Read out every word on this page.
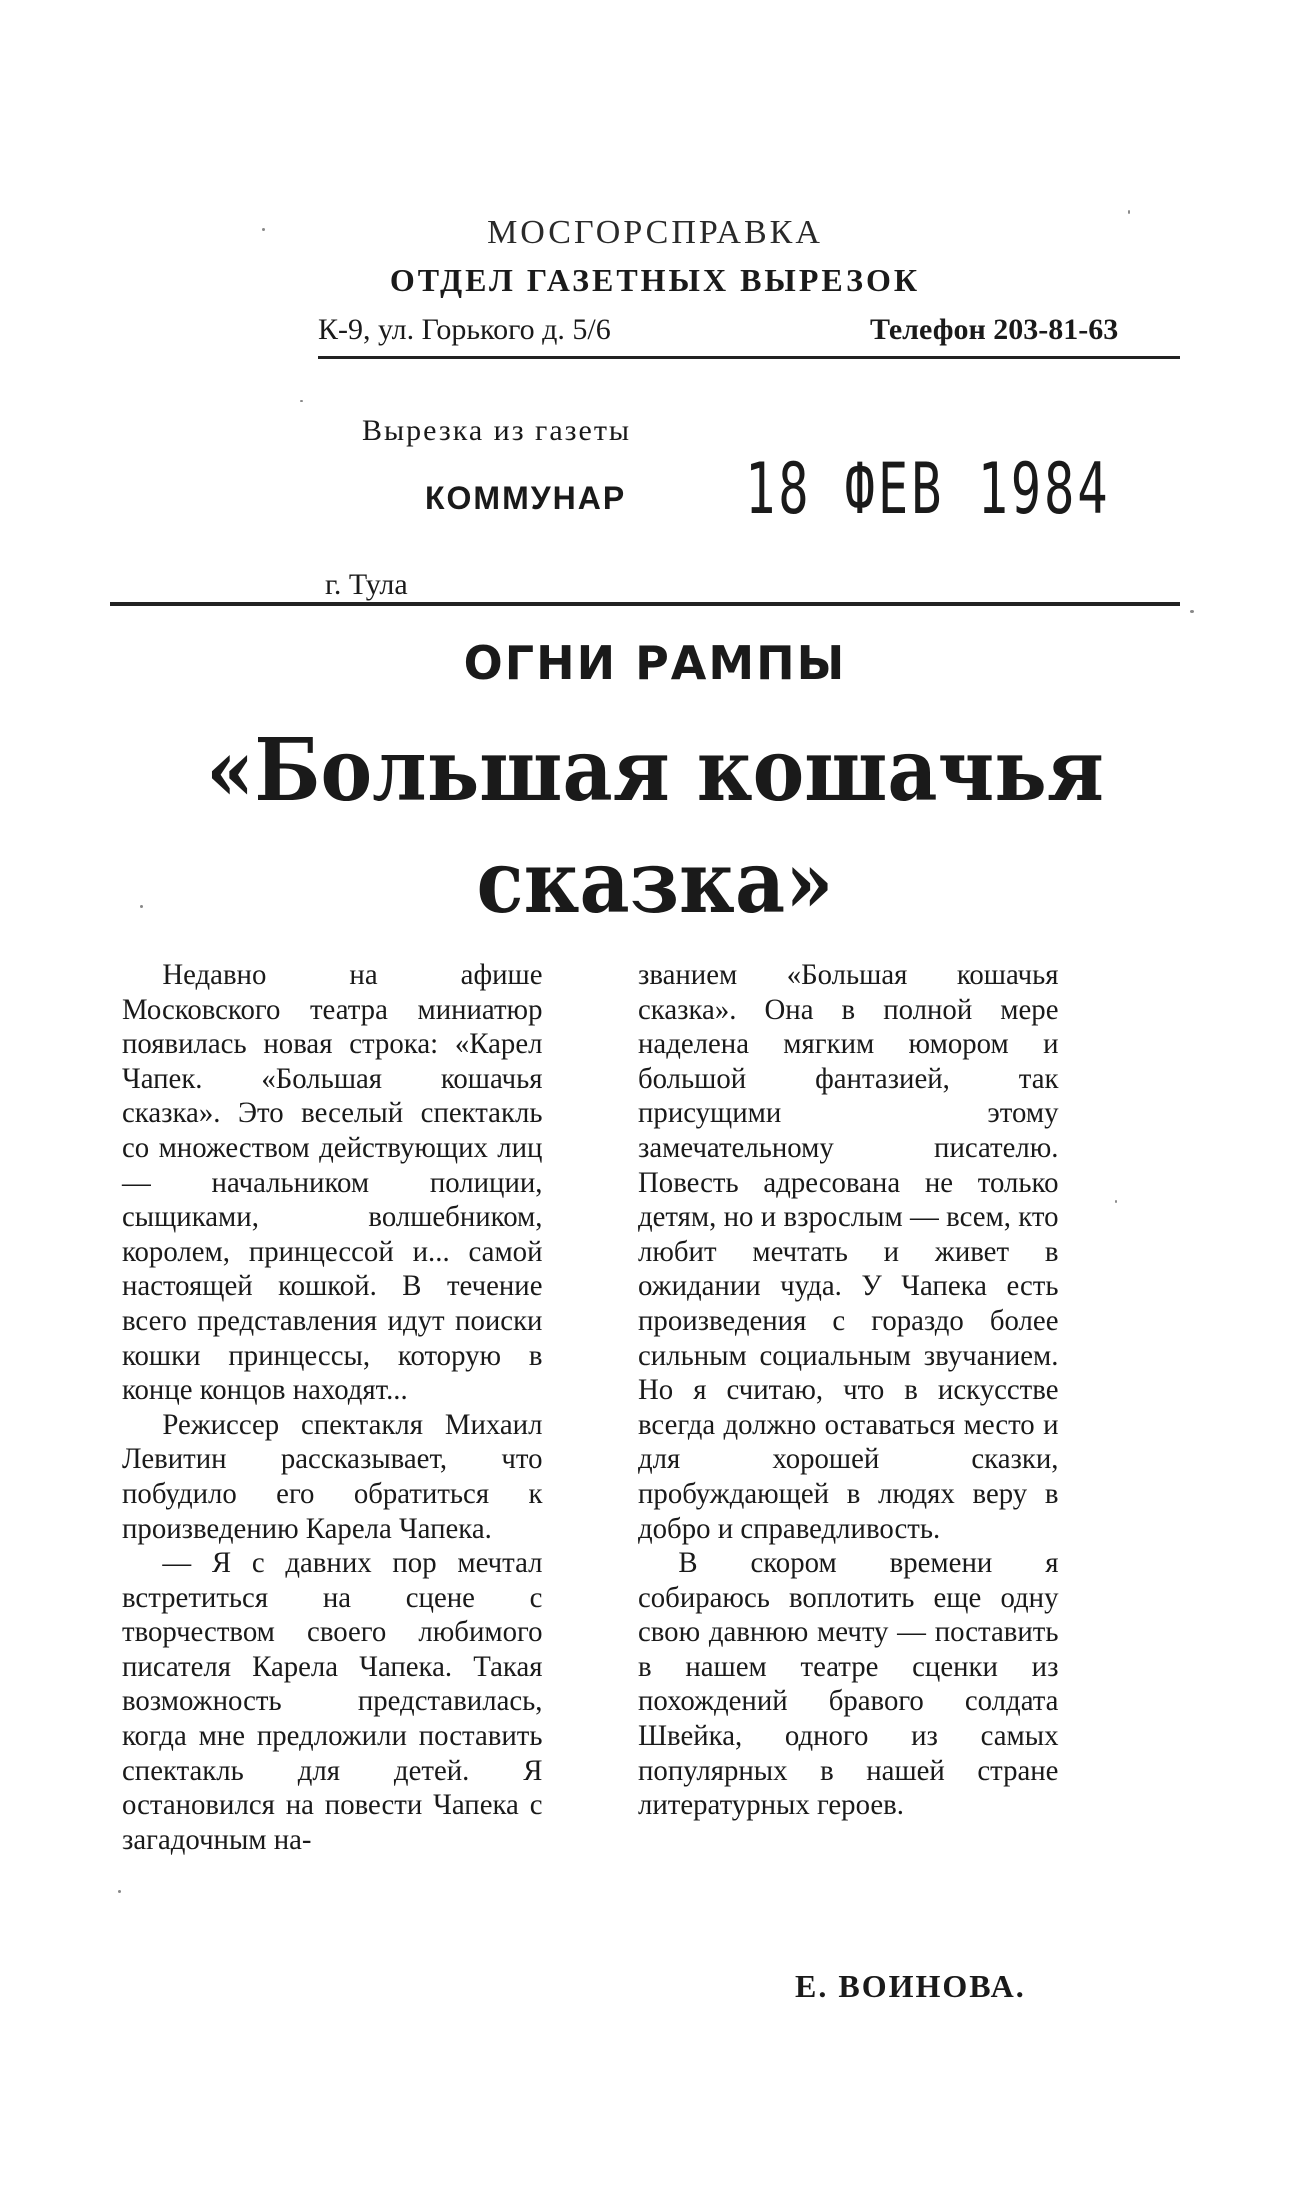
МОСГОРСПРАВКА
ОТДЕЛ ГАЗЕТНЫХ ВЫРЕЗОК
К-9, ул. Горького д. 5/6	Телефон 203-81-63
Вырезка из газеты
КОММУНАР 18 ФЕВ 1984
г. Тула
ОГНИ РАМПЫ
«Большая кошачья
сказка»

Недавно на афише Московского театра миниатюр появилась новая строка: «Карел Чапек. «Большая кошачья сказка». Это веселый спектакль со множеством действующих лиц — начальником полиции, сыщиками, волшебником, королем, принцессой и... самой настоящей кошкой. В течение всего представления идут поиски кошки принцессы, которую в конце концов находят...

Режиссер спектакля Михаил Левитин рассказывает, что побудило его обратиться к произведению Карела Чапека.

— Я с давних пор мечтал встретиться на сцене с творчеством своего любимого писателя Карела Чапека. Такая возможность представилась, когда мне предложили поставить спектакль для детей. Я остановился на повести Чапека с загадочным на-

званием «Большая кошачья сказка». Она в полной мере наделена мягким юмором и большой фантазией, так присущими этому замечательному писателю. Повесть адресована не только детям, но и взрослым — всем, кто любит мечтать и живет в ожидании чуда. У Чапека есть произведения с гораздо более сильным социальным звучанием. Но я считаю, что в искусстве всегда должно оставаться место и для хорошей сказки, пробуждающей в людях веру в добро и справедливость.

В скором времени я собираюсь воплотить еще одну свою давнюю мечту — поставить в нашем театре сценки из похождений бравого солдата Швейка, одного из самых популярных в нашей стране литературных героев.

Е. ВОИНОВА.
